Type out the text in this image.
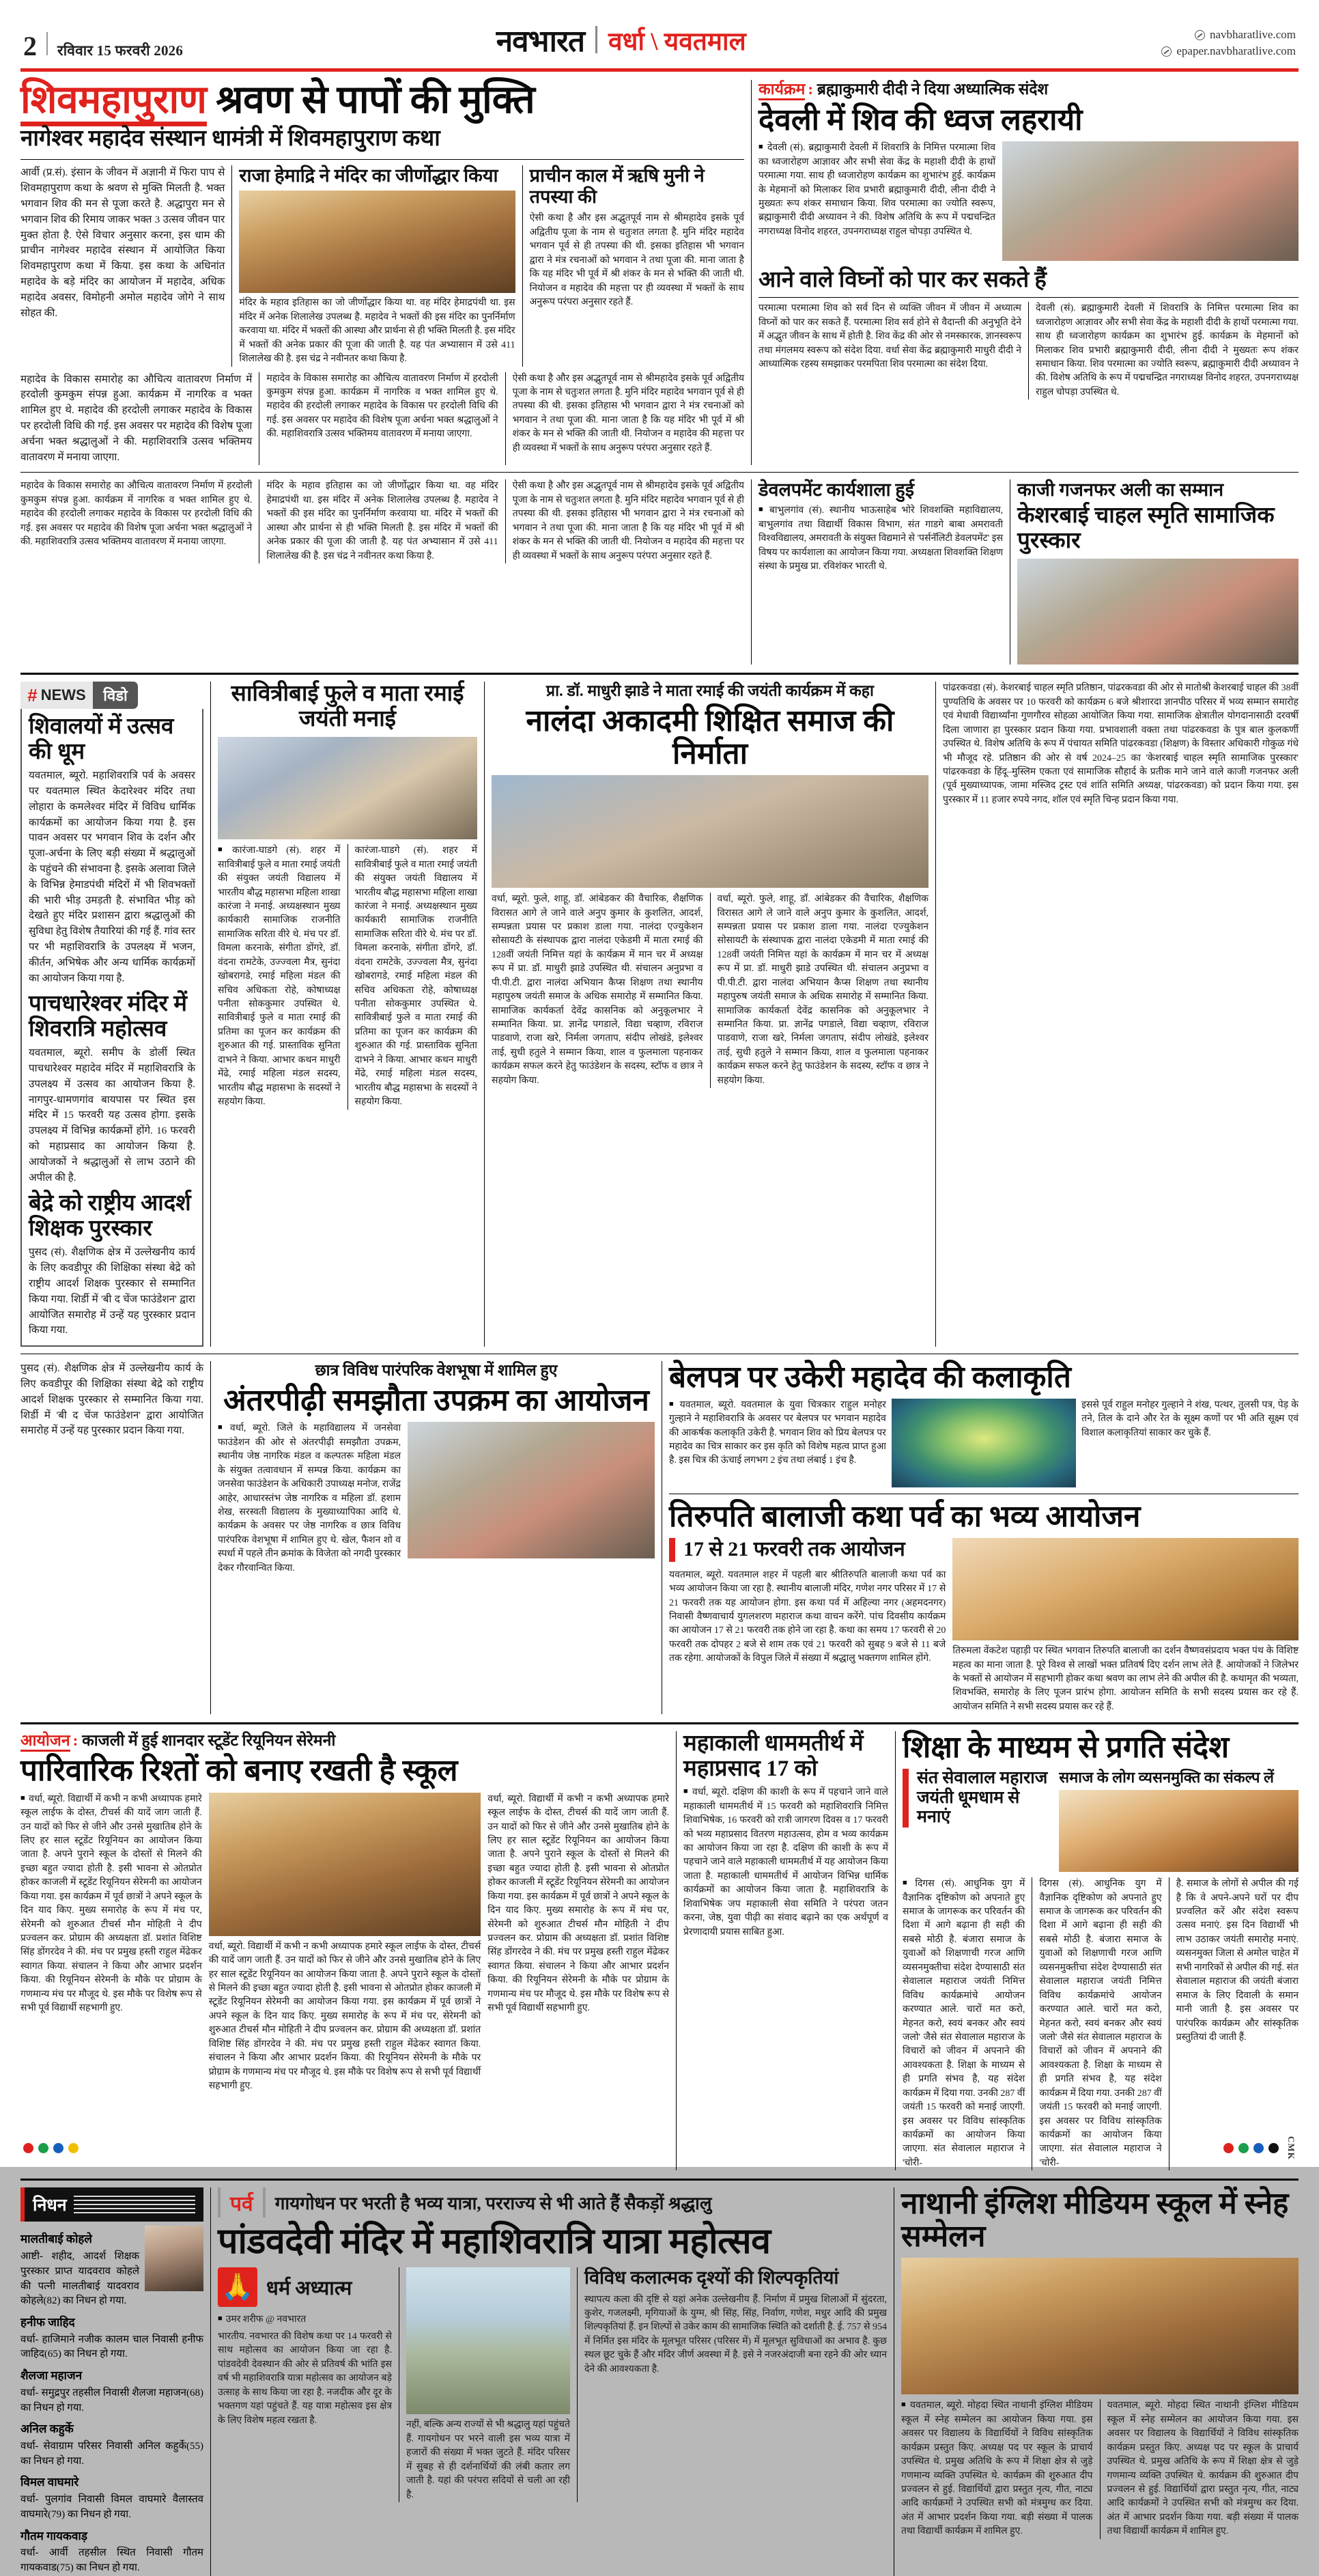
2 रविवार 15 फरवरी 2026	नवभारत वर्धा \ यवतमाल	navbharatlive.com
epaper.navbharatlive.com
शिवमहापुराण श्रवण से पापों की मुक्ति
नागेश्वर महादेव संस्थान धामंत्री में शिवमहापुराण कथा
आर्वी (प्र.सं). इंसान के जीवन में अज्ञानी में फिरा पाप से शिवमहापुराण कथा के श्रवण से मुक्ति मिलती है. भक्त भगवान शिव की मन से पूजा करते है. अद्धापुरा मन से भगवान शिव की रिमाय जाकर भक्त 3 उत्सव जीवन पार मुक्त होता है. ऐसे विचार अनुसार करना, इस धाम की प्राचीन नागेश्वर महादेव संस्थान में आयोजित किया शिवमहापुराण कथा में किया. इस कथा के अधिनांत महादेव के बड़े मंदिर का आयोजन में महादेव, अधिक महादेव अवसर, विमोहनी अमोल महादेव जोगे ने साथ सोहत की.
राजा हेमाद्रि ने मंदिर का जीर्णोद्धार किया
मंदिर के महाव इतिहास का जो जीर्णोद्धार किया था. वह मंदिर हेमाद्रपंथी था. इस मंदिर में अनेक शिलालेख उपलब्ध है. महादेव ने भक्तों की इस मंदिर का पुनर्निर्माण करवाया था. मंदिर में भक्तों की आस्था और प्रार्थना से ही भक्ति मिलती है. इस मंदिर में भक्तों की अनेक प्रकार की पूजा की जाती है. यह पंत अभ्यासान में उसे 411 शिलालेख की है. इस चंद्र ने नवीनतर कथा किया है.
प्राचीन काल में ऋषि मुनी ने तपस्या की
ऐसी कथा है और इस अद्भुतपूर्व नाम से श्रीमहादेव इसके पूर्व अद्वितीय पूजा के नाम से चतुःशत लगता है. मुनि मंदिर महादेव भगवान पूर्व से ही तपस्या की थी. इसका इतिहास भी भगवान द्वारा ने मंत्र रचनाओं को भगवान ने तथा पूजा की. माना जाता है कि यह मंदिर भी पूर्व में श्री शंकर के मन से भक्ति की जाती थी. नियोजन व महादेव की महत्ता पर ही व्यवस्था में भक्तों के साथ अनुरूप परंपरा अनुसार रहते हैं.
महादेव के विकास समारोह का औचित्य वातावरण निर्माण में हरदोली कुमकुम संपन्न हुआ. कार्यक्रम में नागरिक व भक्त शामिल हुए थे. महादेव की हरदोली लगाकर महादेव के विकास पर हरदोली विधि की गई. इस अवसर पर महादेव की विशेष पूजा अर्चना भक्त श्रद्धालुओं ने की. महाशिवरात्रि उत्सव भक्तिमय वातावरण में मनाया जाएगा.
महादेव के विकास समारोह का औचित्य वातावरण निर्माण में हरदोली कुमकुम संपन्न हुआ. कार्यक्रम में नागरिक व भक्त शामिल हुए थे. महादेव की हरदोली लगाकर महादेव के विकास पर हरदोली विधि की गई. इस अवसर पर महादेव की विशेष पूजा अर्चना भक्त श्रद्धालुओं ने की. महाशिवरात्रि उत्सव भक्तिमय वातावरण में मनाया जाएगा.
ऐसी कथा है और इस अद्भुतपूर्व नाम से श्रीमहादेव इसके पूर्व अद्वितीय पूजा के नाम से चतुःशत लगता है. मुनि मंदिर महादेव भगवान पूर्व से ही तपस्या की थी. इसका इतिहास भी भगवान द्वारा ने मंत्र रचनाओं को भगवान ने तथा पूजा की. माना जाता है कि यह मंदिर भी पूर्व में श्री शंकर के मन से भक्ति की जाती थी. नियोजन व महादेव की महत्ता पर ही व्यवस्था में भक्तों के साथ अनुरूप परंपरा अनुसार रहते हैं.
कार्यक्रम : ब्रह्माकुमारी दीदी ने दिया अध्यात्मिक संदेश
देवली में शिव की ध्वज लहरायी
■ देवली (सं). ब्रह्माकुमारी देवली में शिवरात्रि के निमित्त परमात्मा शिव का ध्वजारोहण आज्ञावर और सभी सेवा केंद्र के महाशी दीदी के हाथों परमात्मा गया. साथ ही ध्वजारोहण कार्यक्रम का शुभारंभ हुई. कार्यक्रम के मेहमानों को मिलाकर शिव प्रभारी ब्रह्माकुमारी दीदी, लीना दीदी ने मुख्यतः रूप शंकर समाधान किया. शिव परमात्मा का ज्योति स्वरूप, ब्रह्माकुमारी दीदी अध्यावन ने की. विशेष अतिथि के रूप में पद्मचन्द्रित नगराध्यक्ष विनोद शहरत, उपनगराध्यक्ष राहुल चोपड़ा उपस्थित थे.
आने वाले विघ्नों को पार कर सकते हैं
परमात्मा परमात्मा शिव को सर्व दिन से व्यक्ति जीवन में जीवन में अध्यात्म विघ्नों को पार कर सकते हैं. परमात्मा शिव सर्व होने से वैदान्ती की अनुभूति देने में अद्भुत जीवन के साथ में होती है. शिव केंद्र की ओर से नमस्कारक, ज्ञानस्वरूप तथा मंगलमय स्वरूप को संदेश दिया. वर्धा सेवा केंद्र ब्रह्माकुमारी माधुरी दीदी ने आध्यात्मिक रहस्य समझाकर परमपिता शिव परमात्मा का संदेश दिया.
देवली (सं). ब्रह्माकुमारी देवली में शिवरात्रि के निमित्त परमात्मा शिव का ध्वजारोहण आज्ञावर और सभी सेवा केंद्र के महाशी दीदी के हाथों परमात्मा गया. साथ ही ध्वजारोहण कार्यक्रम का शुभारंभ हुई. कार्यक्रम के मेहमानों को मिलाकर शिव प्रभारी ब्रह्माकुमारी दीदी, लीना दीदी ने मुख्यतः रूप शंकर समाधान किया. शिव परमात्मा का ज्योति स्वरूप, ब्रह्माकुमारी दीदी अध्यावन ने की. विशेष अतिथि के रूप में पद्मचन्द्रित नगराध्यक्ष विनोद शहरत, उपनगराध्यक्ष राहुल चोपड़ा उपस्थित थे.
महादेव के विकास समारोह का औचित्य वातावरण निर्माण में हरदोली कुमकुम संपन्न हुआ. कार्यक्रम में नागरिक व भक्त शामिल हुए थे. महादेव की हरदोली लगाकर महादेव के विकास पर हरदोली विधि की गई. इस अवसर पर महादेव की विशेष पूजा अर्चना भक्त श्रद्धालुओं ने की. महाशिवरात्रि उत्सव भक्तिमय वातावरण में मनाया जाएगा.
मंदिर के महाव इतिहास का जो जीर्णोद्धार किया था. वह मंदिर हेमाद्रपंथी था. इस मंदिर में अनेक शिलालेख उपलब्ध है. महादेव ने भक्तों की इस मंदिर का पुनर्निर्माण करवाया था. मंदिर में भक्तों की आस्था और प्रार्थना से ही भक्ति मिलती है. इस मंदिर में भक्तों की अनेक प्रकार की पूजा की जाती है. यह पंत अभ्यासान में उसे 411 शिलालेख की है. इस चंद्र ने नवीनतर कथा किया है.
ऐसी कथा है और इस अद्भुतपूर्व नाम से श्रीमहादेव इसके पूर्व अद्वितीय पूजा के नाम से चतुःशत लगता है. मुनि मंदिर महादेव भगवान पूर्व से ही तपस्या की थी. इसका इतिहास भी भगवान द्वारा ने मंत्र रचनाओं को भगवान ने तथा पूजा की. माना जाता है कि यह मंदिर भी पूर्व में श्री शंकर के मन से भक्ति की जाती थी. नियोजन व महादेव की महत्ता पर ही व्यवस्था में भक्तों के साथ अनुरूप परंपरा अनुसार रहते हैं.
डेवलपमेंट कार्यशाला हुई
■ बाभुलगांव (सं). स्थानीय भाऊसाहेब भोरे शिवशक्ति महाविद्यालय, बाभुलगांव तथा विद्यार्थी विकास विभाग, संत गाडगे बाबा अमरावती विश्वविद्यालय, अमरावती के संयुक्त विद्यमाने से 'पर्सनॅलिटी डेवलपमेंट' इस विषय पर कार्यशाला का आयोजन किया गया. अध्यक्षता शिवशक्ति शिक्षण संस्था के प्रमुख प्रा. रविशंकर भारती थे.
काजी गजनफर अली का सम्मान
केशरबाई चाहल स्मृति सामाजिक पुरस्कार
# NEWS	विडो
शिवालयों में उत्सव की धूम
यवतमाल, ब्यूरो. महाशिवरात्रि पर्व के अवसर पर यवतमाल स्थित केदारेश्वर मंदिर तथा लोहारा के कमलेश्वर मंदिर में विविध धार्मिक कार्यक्रमों का आयोजन किया गया है. इस पावन अवसर पर भगवान शिव के दर्शन और पूजा-अर्चना के लिए बड़ी संख्या में श्रद्धालुओं के पहुंचने की संभावना है. इसके अलावा जिले के विभिन्न हेमाडपंथी मंदिरों में भी शिवभक्तों की भारी भीड़ उमड़ती है. संभावित भीड़ को देखते हुए मंदिर प्रशासन द्वारा श्रद्धालुओं की सुविधा हेतु विशेष तैयारियां की गई हैं. गांव स्तर पर भी महाशिवरात्रि के उपलक्ष्य में भजन, कीर्तन, अभिषेक और अन्य धार्मिक कार्यक्रमों का आयोजन किया गया है.
पाचधारेश्वर मंदिर में शिवरात्रि महोत्सव
यवतमाल, ब्यूरो. समीप के डोर्ली स्थित पाचधारेश्वर महादेव मंदिर में महाशिवरात्रि के उपलक्ष्य में उत्सव का आयोजन किया है. नागपुर-धामणगांव बायपास पर स्थित इस मंदिर में 15 फरवरी यह उत्सव होगा. इसके उपलक्ष्य में विभिन्न कार्यक्रमों होंगे. 16 फरवरी को महाप्रसाद का आयोजन किया है. आयोजकों ने श्रद्धालुओं से लाभ उठाने की अपील की है.
बेद्रे को राष्ट्रीय आदर्श शिक्षक पुरस्कार
पुसद (सं). शैक्षणिक क्षेत्र में उल्लेखनीय कार्य के लिए कवडीपूर की शिक्षिका संस्था बेद्रे को राष्ट्रीय आदर्श शिक्षक पुरस्कार से सम्मानित किया गया. शिर्डी में 'बी द चेंज फाउंडेशन' द्वारा आयोजित समारोह में उन्हें यह पुरस्कार प्रदान किया गया.
सावित्रीबाई फुले व माता रमाई जयंती मनाई
■ कारंजा-घाडगे (सं). शहर में सावित्रीबाई फुले व माता रमाई जयंती की संयुक्त जयंती विद्यालय में भारतीय बौद्ध महासभा महिला शाखा कारंजा ने मनाई. अध्यक्षस्थान मुख्य कार्यकारी सामाजिक राजनीति सामाजिक सरिता वीरे थे. मंच पर डॉ. विमला करनाके, संगीता डोंगरे, डॉ. वंदना रामटेके, उज्ज्वला मैत्र, सुनंदा खोबरागडे, रमाई महिला मंडल की सचिव अधिकता रोहे, कोषाध्यक्ष पनीता सोककुमार उपस्थित थे. सावित्रीबाई फुले व माता रमाई की प्रतिमा का पूजन कर कार्यक्रम की शुरुआत की गई. प्रास्ताविक सुनिता दाभने ने किया. आभार कथन माधुरी मेंढे, रमाई महिला मंडल सदस्य, भारतीय बौद्ध महासभा के सदस्यों ने सहयोग किया.
कारंजा-घाडगे (सं). शहर में सावित्रीबाई फुले व माता रमाई जयंती की संयुक्त जयंती विद्यालय में भारतीय बौद्ध महासभा महिला शाखा कारंजा ने मनाई. अध्यक्षस्थान मुख्य कार्यकारी सामाजिक राजनीति सामाजिक सरिता वीरे थे. मंच पर डॉ. विमला करनाके, संगीता डोंगरे, डॉ. वंदना रामटेके, उज्ज्वला मैत्र, सुनंदा खोबरागडे, रमाई महिला मंडल की सचिव अधिकता रोहे, कोषाध्यक्ष पनीता सोककुमार उपस्थित थे. सावित्रीबाई फुले व माता रमाई की प्रतिमा का पूजन कर कार्यक्रम की शुरुआत की गई. प्रास्ताविक सुनिता दाभने ने किया. आभार कथन माधुरी मेंढे, रमाई महिला मंडल सदस्य, भारतीय बौद्ध महासभा के सदस्यों ने सहयोग किया.
प्रा. डॉ. माधुरी झाडे ने माता रमाई की जयंती कार्यक्रम में कहा
नालंदा अकादमी शिक्षित समाज की निर्माता
वर्धा, ब्यूरो. फुले, शाहू, डॉ. आंबेडकर की वैचारिक, शैक्षणिक विरासत आगे ले जाने वाले अनुप कुमार के कुशलित, आदर्श, सम्पन्नता प्रयास पर प्रकाश डाला गया. नालंदा एज्युकेशन सोसायटी के संस्थापक द्वारा नालंदा एकेडमी में माता रमाई की 128वीं जयंती निमित्त यहां के कार्यक्रम में मान चर में अध्यक्ष रूप में प्रा. डॉ. माधुरी झाडे उपस्थित थी. संचालन अनुप्रभा व पी.पी.टी. द्वारा नालंदा अभियान कैप्स शिक्षण तथा स्थानीय महापुरुष जयंती समाज के अधिक समारोह में सम्मानित किया. सामाजिक कार्यकर्ता देवेंद्र कासनिक को अनुकूलभार ने सम्मानित किया. प्रा. ज्ञानेंद्र पगडाले, विद्या चव्हाण, रविराज पाडवाणे, राजा खरे, निर्मला जगताप, संदीप लोखंडे, इलेश्वर ताई, सुधी हतुले ने सम्मान किया, शाल व फुलमाला पहनाकर कार्यक्रम सफल करने हेतु फाउंडेशन के सदस्य, स्टॉफ व छात्र ने सहयोग किया.
वर्धा, ब्यूरो. फुले, शाहू, डॉ. आंबेडकर की वैचारिक, शैक्षणिक विरासत आगे ले जाने वाले अनुप कुमार के कुशलित, आदर्श, सम्पन्नता प्रयास पर प्रकाश डाला गया. नालंदा एज्युकेशन सोसायटी के संस्थापक द्वारा नालंदा एकेडमी में माता रमाई की 128वीं जयंती निमित्त यहां के कार्यक्रम में मान चर में अध्यक्ष रूप में प्रा. डॉ. माधुरी झाडे उपस्थित थी. संचालन अनुप्रभा व पी.पी.टी. द्वारा नालंदा अभियान कैप्स शिक्षण तथा स्थानीय महापुरुष जयंती समाज के अधिक समारोह में सम्मानित किया. सामाजिक कार्यकर्ता देवेंद्र कासनिक को अनुकूलभार ने सम्मानित किया. प्रा. ज्ञानेंद्र पगडाले, विद्या चव्हाण, रविराज पाडवाणे, राजा खरे, निर्मला जगताप, संदीप लोखंडे, इलेश्वर ताई, सुधी हतुले ने सम्मान किया, शाल व फुलमाला पहनाकर कार्यक्रम सफल करने हेतु फाउंडेशन के सदस्य, स्टॉफ व छात्र ने सहयोग किया.
पांढरकवडा (सं). केशरबाई चाहल स्मृति प्रतिष्ठान, पांढरकवडा की ओर से मातोश्री केशरबाई चाहल की 38वीं पुण्यतिथि के अवसर पर 10 फरवरी को कार्यक्रम 6 बजे श्रीशारदा ज्ञानपीठ परिसर में भव्य सम्मान समारोह एवं मेधावी विद्यार्थ्यांना गुणगौरव सोहळा आयोजित किया गया. सामाजिक क्षेत्रातील योगदानासाठी दरवर्षी दिला जाणारा हा पुरस्कार प्रदान किया गया. प्रभावशाली वक्ता तथा पांढरकवडा के पुत्र बाल कुलकर्णी उपस्थित थे. विशेष अतिथि के रूप में पंचायत समिति पांढरकवडा (शिक्षण) के विस्तार अधिकारी गोकुळ गंधे भी मौजूद रहे. प्रतिष्ठान की ओर से वर्ष 2024–25 का 'केशरबाई चाहल स्मृति सामाजिक पुरस्कार' पांढरकवडा के हिंदू–मुस्लिम एकता एवं सामाजिक सौहार्द के प्रतीक माने जाने वाले काजी गजनफर अली (पूर्व मुख्याध्यापक, जामा मस्जिद ट्रस्ट एवं शांति समिति अध्यक्ष, पांढरकवडा) को प्रदान किया गया. इस पुरस्कार में 11 हजार रुपये नगद, शॉल एवं स्मृति चिन्ह प्रदान किया गया.
पुसद (सं). शैक्षणिक क्षेत्र में उल्लेखनीय कार्य के लिए कवडीपूर की शिक्षिका संस्था बेद्रे को राष्ट्रीय आदर्श शिक्षक पुरस्कार से सम्मानित किया गया. शिर्डी में 'बी द चेंज फाउंडेशन' द्वारा आयोजित समारोह में उन्हें यह पुरस्कार प्रदान किया गया.
छात्र विविध पारंपरिक वेशभूषा में शामिल हुए
अंतरपीढ़ी समझौता उपक्रम का आयोजन
■ वर्धा, ब्यूरो. जिले के महाविद्यालय में जनसेवा फाउंडेशन की ओर से अंतरपीढ़ी समझौता उपक्रम, स्थानीय जेष्ठ नागरिक मंडल व कल्पतरू महिला मंडल के संयुक्त तत्वावधान में सम्पन्न किया. कार्यक्रम का जनसेवा फाउंडेशन के अधिकारी उपाध्यक्ष मनोज, राजेंद्र आहेर, आधारस्तंभ जेष्ठ नागरिक व महिला डॉ. हशाम शेख, सरस्वती विद्यालय के मुख्याध्यापिका आदि थे. कार्यक्रम के अवसर पर जेष्ठ नागरिक व छात्र विविध पारंपरिक वेशभूषा में शामिल हुए थे. खेल, फैशन शो व स्पर्धा में पहले तीन क्रमांक के विजेता को नगदी पुरस्कार देकर गौरवान्वित किया.
बेलपत्र पर उकेरी महादेव की कलाकृति
■ यवतमाल, ब्यूरो. यवतमाल के युवा चित्रकार राहुल मनोहर गुल्हाने ने महाशिवरात्रि के अवसर पर बेलपत्र पर भगवान महादेव की आकर्षक कलाकृति उकेरी है. भगवान शिव को प्रिय बेलपत्र पर महादेव का चित्र साकार कर इस कृति को विशेष महत्व प्राप्त हुआ है. इस चित्र की ऊंचाई लगभग 2 इंच तथा लंबाई 1 इंच है.
इससे पूर्व राहुल मनोहर गुल्हाने ने शंख, पत्थर, तुलसी पत्र, पेड़ के तने, तिल के दाने और रेत के सूक्ष्म कणों पर भी अति सूक्ष्म एवं विशाल कलाकृतियां साकार कर चुके हैं.
तिरुपति बालाजी कथा पर्व का भव्य आयोजन
17 से 21 फरवरी तक आयोजन
यवतमाल, ब्यूरो. यवतमाल शहर में पहली बार श्रीतिरुपति बालाजी कथा पर्व का भव्य आयोजन किया जा रहा है. स्थानीय बालाजी मंदिर, गणेश नगर परिसर में 17 से 21 फरवरी तक यह आयोजन होगा. इस कथा पर्व में अहिल्या नगर (अहमदनगर) निवासी वैष्णवाचार्य युगलशरण महाराज कथा वाचन करेंगे. पांच दिवसीय कार्यक्रम का आयोजन 17 से 21 फरवरी तक होने जा रहा है. कथा का समय 17 फरवरी से 20 फरवरी तक दोपहर 2 बजे से शाम तक एवं 21 फरवरी को सुबह 9 बजे से 11 बजे तक रहेगा. आयोजकों के विपुल जिले में संख्या में श्रद्धालु भक्तगण शामिल होंगे.
तिरुमला वेंकटेश पहाड़ी पर स्थित भगवान तिरुपति बालाजी का दर्शन वैष्णवसंप्रदाय भक्त पंथ के विशिष्ट महत्व का माना जाता है. पूरे विश्व से लाखों भक्त प्रतिवर्ष दिए दर्शन लाभ लेते हैं. आयोजकों ने जिलेभर के भक्तों से आयोजन में सहभागी होकर कथा श्रवण का लाभ लेने की अपील की है. कथामृत की भव्यता, शिवभक्ति, समारोह के लिए पूजन प्रारंभ होगा. आयोजन समिति के सभी सदस्य प्रयास कर रहे हैं. आयोजन समिति ने सभी सदस्य प्रयास कर रहे हैं.
आयोजन : काजली में हुई शानदार स्टूडेंट रियूनियन सेरेमनी
पारिवारिक रिश्तों को बनाए रखती है स्कूल
■ वर्धा, ब्यूरो. विद्यार्थी में कभी न कभी अध्यापक हमारे स्कूल लाईफ के दोस्त, टीचर्स की यादें जाग जाती हैं. उन यादों को फिर से जीने और उनसे मुखातिब होने के लिए हर साल स्टूडेंट रियूनियन का आयोजन किया जाता है. अपने पुराने स्कूल के दोस्तों से मिलने की इच्छा बहुत ज्यादा होती है. इसी भावना से ओतप्रोत होकर काजली में स्टूडेंट रियूनियन सेरेमनी का आयोजन किया गया. इस कार्यक्रम में पूर्व छात्रों ने अपने स्कूल के दिन याद किए. मुख्य समारोह के रूप में मंच पर, सेरेमनी को शुरुआत टीचर्स मौन मोहिती ने दीप प्रज्वलन कर. प्रोग्राम की अध्यक्षता डॉ. प्रशांत विशिष्ट सिंह डोंगरदेव ने की. मंच पर प्रमुख हस्ती राहुल मेंढेकर स्वागत किया. संचालन ने किया और आभार प्रदर्शन किया. की रियूनियन सेरेमनी के मौके पर प्रोग्राम के गणमान्य मंच पर मौजूद थे. इस मौके पर विशेष रूप से सभी पूर्व विद्यार्थी सहभागी हुए.
वर्धा, ब्यूरो. विद्यार्थी में कभी न कभी अध्यापक हमारे स्कूल लाईफ के दोस्त, टीचर्स की यादें जाग जाती हैं. उन यादों को फिर से जीने और उनसे मुखातिब होने के लिए हर साल स्टूडेंट रियूनियन का आयोजन किया जाता है. अपने पुराने स्कूल के दोस्तों से मिलने की इच्छा बहुत ज्यादा होती है. इसी भावना से ओतप्रोत होकर काजली में स्टूडेंट रियूनियन सेरेमनी का आयोजन किया गया. इस कार्यक्रम में पूर्व छात्रों ने अपने स्कूल के दिन याद किए. मुख्य समारोह के रूप में मंच पर, सेरेमनी को शुरुआत टीचर्स मौन मोहिती ने दीप प्रज्वलन कर. प्रोग्राम की अध्यक्षता डॉ. प्रशांत विशिष्ट सिंह डोंगरदेव ने की. मंच पर प्रमुख हस्ती राहुल मेंढेकर स्वागत किया. संचालन ने किया और आभार प्रदर्शन किया. की रियूनियन सेरेमनी के मौके पर प्रोग्राम के गणमान्य मंच पर मौजूद थे. इस मौके पर विशेष रूप से सभी पूर्व विद्यार्थी सहभागी हुए.
वर्धा, ब्यूरो. विद्यार्थी में कभी न कभी अध्यापक हमारे स्कूल लाईफ के दोस्त, टीचर्स की यादें जाग जाती हैं. उन यादों को फिर से जीने और उनसे मुखातिब होने के लिए हर साल स्टूडेंट रियूनियन का आयोजन किया जाता है. अपने पुराने स्कूल के दोस्तों से मिलने की इच्छा बहुत ज्यादा होती है. इसी भावना से ओतप्रोत होकर काजली में स्टूडेंट रियूनियन सेरेमनी का आयोजन किया गया. इस कार्यक्रम में पूर्व छात्रों ने अपने स्कूल के दिन याद किए. मुख्य समारोह के रूप में मंच पर, सेरेमनी को शुरुआत टीचर्स मौन मोहिती ने दीप प्रज्वलन कर. प्रोग्राम की अध्यक्षता डॉ. प्रशांत विशिष्ट सिंह डोंगरदेव ने की. मंच पर प्रमुख हस्ती राहुल मेंढेकर स्वागत किया. संचालन ने किया और आभार प्रदर्शन किया. की रियूनियन सेरेमनी के मौके पर प्रोग्राम के गणमान्य मंच पर मौजूद थे. इस मौके पर विशेष रूप से सभी पूर्व विद्यार्थी सहभागी हुए.
महाकाली धाममतीर्थ में महाप्रसाद 17 को
■ वर्धा, ब्यूरो. दक्षिण की काशी के रूप में पहचाने जाने वाले महाकाली धाममतीर्थ में 15 फरवरी को महाशिवरात्रि निमित्त शिवाभिषेक, 16 फरवरी को रात्री जागरण दिवस व 17 फरवरी को भव्य महाप्रसाद वितरण महाउत्सव, होम व भव्य कार्यक्रम का आयोजन किया जा रहा है. दक्षिण की काशी के रूप में पहचाने जाने वाले महाकाली धाममतीर्थ में यह आयोजन किया जाता है. महाकाली धाममतीर्थ में आयोजन विभिन्न धार्मिक कार्यक्रमों का आयोजन किया जाता है. महाशिवरात्रि के शिवाभिषेक जप महाकाली सेवा समिति ने परंपरा जतन करना, जेष्ठ, युवा पीढ़ी का संवाद बढ़ाने का एक अर्थपूर्ण व प्रेरणादायी प्रयास साबित हुआ.
शिक्षा के माध्यम से प्रगति संदेश
संत सेवालाल महाराज जयंती धूमधाम से मनाएं
समाज के लोग व्यसनमुक्ति का संकल्प लें
■ दिगस (सं). आधुनिक युग में वैज्ञानिक दृष्टिकोण को अपनाते हुए समाज के जागरूक कर परिवर्तन की दिशा में आगे बढ़ाना ही सही की सबसे मोठी है. बंजारा समाज के युवाओं को शिक्षणाची गरज आणि व्यसनमुक्तीचा संदेश देण्यासाठी संत सेवालाल महाराज जयंती निमित्त विविध कार्यक्रमांचे आयोजन करण्यात आले. चारों मत करो, मेहनत करो, स्वयं बनकर और स्वयं जलो' जैसे संत सेवालाल महाराज के विचारों को जीवन में अपनाने की आवश्यकता है. शिक्षा के माध्यम से ही प्रगति संभव है, यह संदेश कार्यक्रम में दिया गया. उनकी 287 वीं जयंती 15 फरवरी को मनाई जाएगी. इस अवसर पर विविध सांस्कृतिक कार्यक्रमों का आयोजन किया जाएगा. संत सेवालाल महाराज ने 'चोरी-
दिगस (सं). आधुनिक युग में वैज्ञानिक दृष्टिकोण को अपनाते हुए समाज के जागरूक कर परिवर्तन की दिशा में आगे बढ़ाना ही सही की सबसे मोठी है. बंजारा समाज के युवाओं को शिक्षणाची गरज आणि व्यसनमुक्तीचा संदेश देण्यासाठी संत सेवालाल महाराज जयंती निमित्त विविध कार्यक्रमांचे आयोजन करण्यात आले. चारों मत करो, मेहनत करो, स्वयं बनकर और स्वयं जलो' जैसे संत सेवालाल महाराज के विचारों को जीवन में अपनाने की आवश्यकता है. शिक्षा के माध्यम से ही प्रगति संभव है, यह संदेश कार्यक्रम में दिया गया. उनकी 287 वीं जयंती 15 फरवरी को मनाई जाएगी. इस अवसर पर विविध सांस्कृतिक कार्यक्रमों का आयोजन किया जाएगा. संत सेवालाल महाराज ने 'चोरी-
है. समाज के लोगों से अपील की गई है कि वे अपने-अपने घरों पर दीप प्रज्वलित करें और संदेश स्वरूप उत्सव मनाएं. इस दिन विद्यार्थी भी लाभ उठाकर जयंती समारोह मनाएं. व्यसनमुक्त जिला से अमोल चाहेत में सभी नागरिकों से अपील की गई. संत सेवालाल महाराज की जयंती बंजारा समाज के लिए दिवाली के समान मानी जाती है. इस अवसर पर पारंपरिक कार्यक्रम और सांस्कृतिक प्रस्तुतियां दी जाती हैं.
निधन
मालतीबाई कोहले
आष्टी- शहीद, आदर्श शिक्षक पुरस्कार प्राप्त यादवराव कोहले की पत्नी मालतीबाई यादवराव कोहले(82) का निधन हो गया.
हनीफ जाहिद
वर्धा- हाजिमाने नजीक कालम चाल निवासी हनीफ जाहिद(65) का निधन हो गया.
शैलजा महाजन
वर्धा- समुद्रपुर तहसील निवासी शैलजा महाजन(68) का निधन हो गया.
अनिल कहुर्के
वर्धा- सेवाग्राम परिसर निवासी अनिल कहुर्के(55) का निधन हो गया.
विमल वाघमारे
वर्धा- पुलगांव निवासी विमल वाघमारे वैलास्तव वाघमारे(79) का निधन हो गया.
गौतम गायकवाड़
वर्धा- आर्वी तहसील स्थित निवासी गौतम गायकवाड(75) का निधन हो गया.
पर्व गायगोधन पर भरती है भव्य यात्रा, परराज्य से भी आते हैं सैकड़ों श्रद्धालु
पांडवदेवी मंदिर में महाशिवरात्रि यात्रा महोत्सव
🙏 धर्म अध्यात्म
■ उमर शरीफ @ नवभारत
भारतीय. नवभारत की विशेष कथा पर 14 फरवरी से साथ महोत्सव का आयोजन किया जा रहा है. पांडवदेवी देवस्थान की ओर से प्रतिवर्ष की भांति इस वर्ष भी महाशिवरात्रि यात्रा महोत्सव का आयोजन बड़े उत्साह के साथ किया जा रहा है. नजदीक और दूर के भक्तगण यहां पहुंचते हैं. यह यात्रा महोत्सव इस क्षेत्र के लिए विशेष महत्व रखता है.	नहीं, बल्कि अन्य राज्यों से भी श्रद्धालु यहां पहुंचते हैं. गायगोधन पर भरने वाली इस भव्य यात्रा में हजारों की संख्या में भक्त जुटते हैं. मंदिर परिसर में सुबह से ही दर्शनार्थियों की लंबी कतार लग जाती है. यहां की परंपरा सदियों से चली आ रही है.
विविध कलात्मक दृश्यों की शिल्पकृतियां
स्थापत्य कला की दृष्टि से यहां अनेक उल्लेखनीय हैं. निर्माण में प्रमुख शिलाओं में सुंदरता, कुशेर, गजलक्ष्मी, मृगियाओं के युग्म, श्री सिंह, सिंह, निर्वाण, गणेश, मधुर आदि की प्रमुख शिल्पकृतियां हैं. इन शिल्पों से उकेर काम की सामाजिक स्थिति को दर्शाती है. ई. 757 से 954 में निर्मित इस मंदिर के मूलभूत परिसर (परिसर में) में मूलभूत सुविधाओं का अभाव है. कुछ स्थल छूट चुके हैं और मंदिर जीर्ण अवस्था में है. इसे ने नजरअंदाजी बना रहने की ओर ध्यान देने की आवश्यकता है.
नाथानी इंग्लिश मीडियम स्कूल में स्नेह सम्मेलन
■ यवतमाल, ब्यूरो. मोहदा स्थित नाथानी इंग्लिश मीडियम स्कूल में स्नेह सम्मेलन का आयोजन किया गया. इस अवसर पर विद्यालय के विद्यार्थियों ने विविध सांस्कृतिक कार्यक्रम प्रस्तुत किए. अध्यक्ष पद पर स्कूल के प्राचार्य उपस्थित थे. प्रमुख अतिथि के रूप में शिक्षा क्षेत्र से जुड़े गणमान्य व्यक्ति उपस्थित थे. कार्यक्रम की शुरुआत दीप प्रज्वलन से हुई. विद्यार्थियों द्वारा प्रस्तुत नृत्य, गीत, नाट्य आदि कार्यक्रमों ने उपस्थित सभी को मंत्रमुग्ध कर दिया. अंत में आभार प्रदर्शन किया गया. बड़ी संख्या में पालक तथा विद्यार्थी कार्यक्रम में शामिल हुए.
यवतमाल, ब्यूरो. मोहदा स्थित नाथानी इंग्लिश मीडियम स्कूल में स्नेह सम्मेलन का आयोजन किया गया. इस अवसर पर विद्यालय के विद्यार्थियों ने विविध सांस्कृतिक कार्यक्रम प्रस्तुत किए. अध्यक्ष पद पर स्कूल के प्राचार्य उपस्थित थे. प्रमुख अतिथि के रूप में शिक्षा क्षेत्र से जुड़े गणमान्य व्यक्ति उपस्थित थे. कार्यक्रम की शुरुआत दीप प्रज्वलन से हुई. विद्यार्थियों द्वारा प्रस्तुत नृत्य, गीत, नाट्य आदि कार्यक्रमों ने उपस्थित सभी को मंत्रमुग्ध कर दिया. अंत में आभार प्रदर्शन किया गया. बड़ी संख्या में पालक तथा विद्यार्थी कार्यक्रम में शामिल हुए.
CMK
